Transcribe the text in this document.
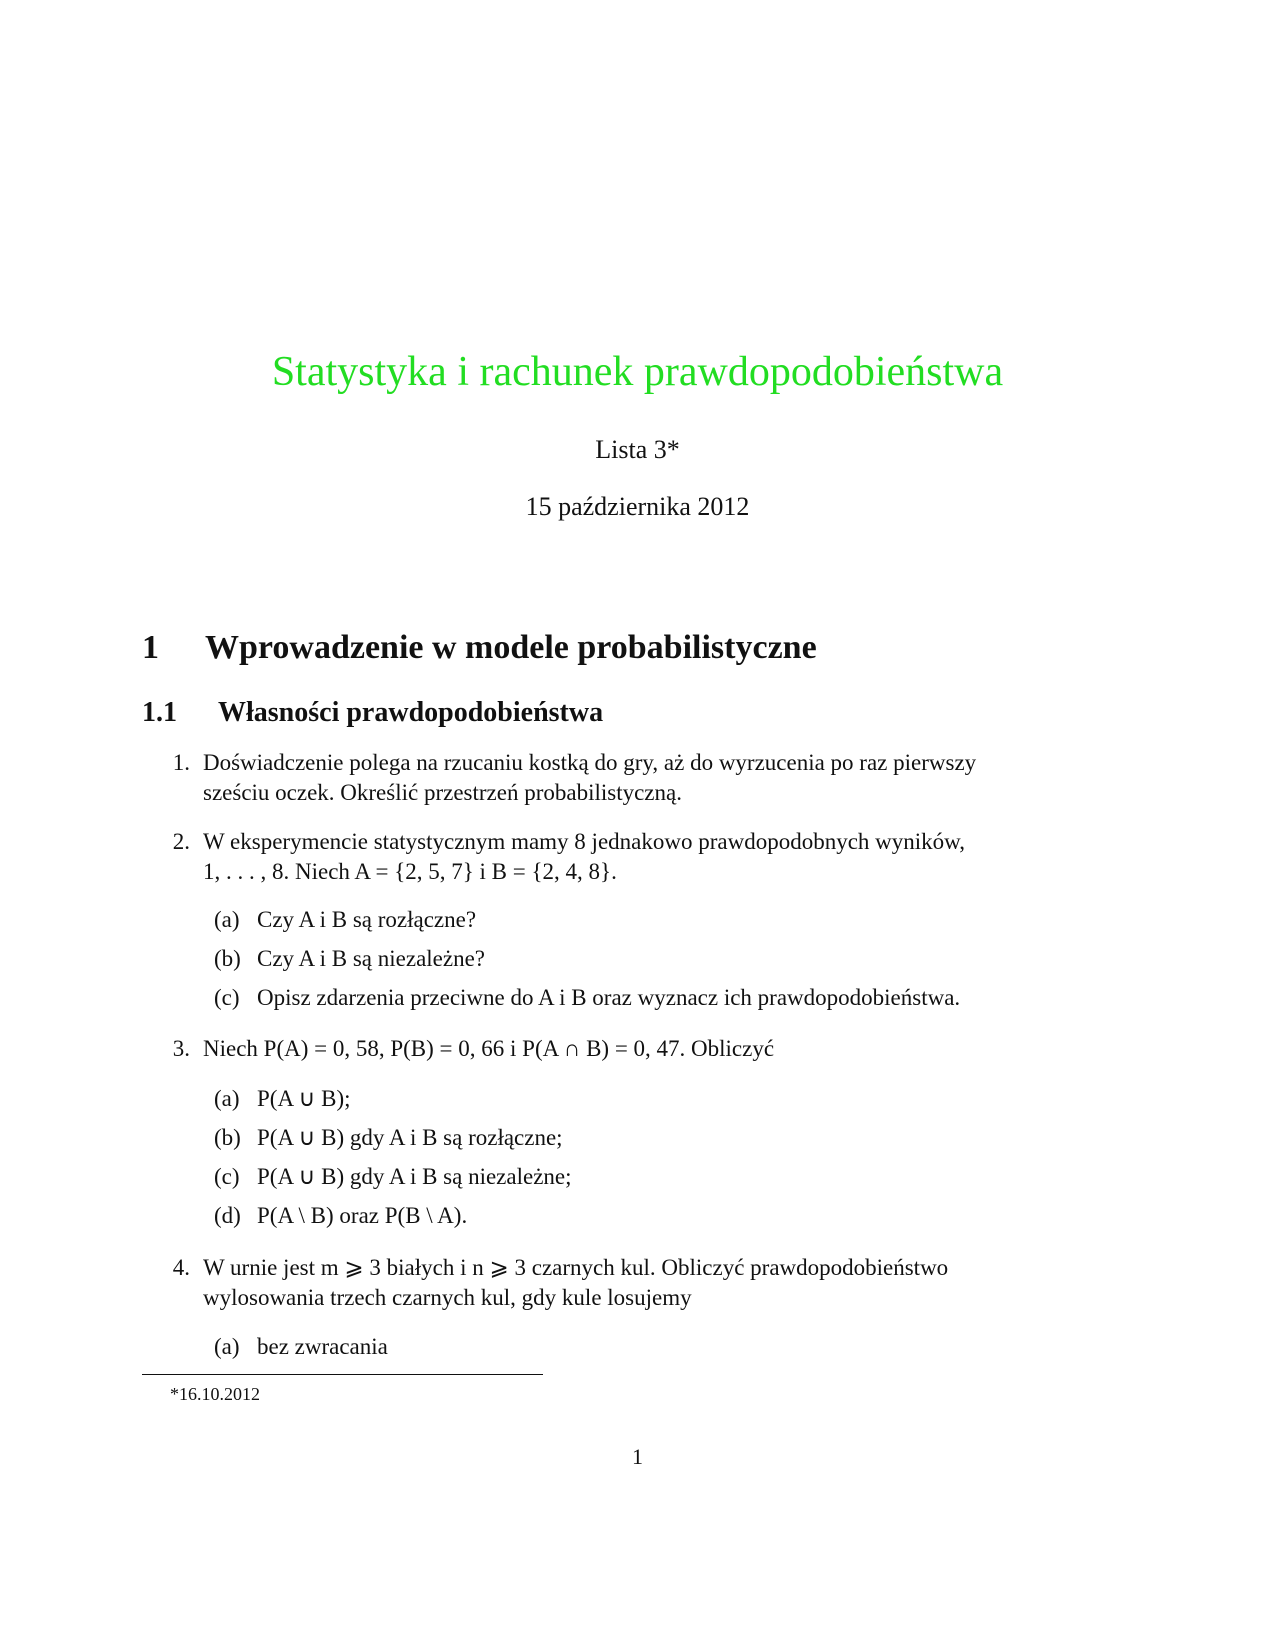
Statystyka i rachunek prawdopodobieństwa
Lista 3*
15 października 2012
1 Wprowadzenie w modele probabilistyczne
1.1 Własności prawdopodobieństwa
1. Doświadczenie polega na rzucaniu kostką do gry, aż do wyrzucenia po raz pierwszy
sześciu oczek. Określić przestrzeń probabilistyczną.
2. W eksperymencie statystycznym mamy 8 jednakowo prawdopodobnych wyników,
1, . . . , 8. Niech A = {2, 5, 7} i B = {2, 4, 8}.
(a) Czy A i B są rozłączne?
(b) Czy A i B są niezależne?
(c) Opisz zdarzenia przeciwne do A i B oraz wyznacz ich prawdopodobieństwa.
3. Niech P(A) = 0, 58, P(B) = 0, 66 i P(A ∩ B) = 0, 47. Obliczyć
(a) P(A ∪ B);
(b) P(A ∪ B) gdy A i B są rozłączne;
(c) P(A ∪ B) gdy A i B są niezależne;
(d) P(A \ B) oraz P(B \ A).
4. W urnie jest m ⩾ 3 białych i n ⩾ 3 czarnych kul. Obliczyć prawdopodobieństwo
wylosowania trzech czarnych kul, gdy kule losujemy
(a) bez zwracania
*16.10.2012
1
